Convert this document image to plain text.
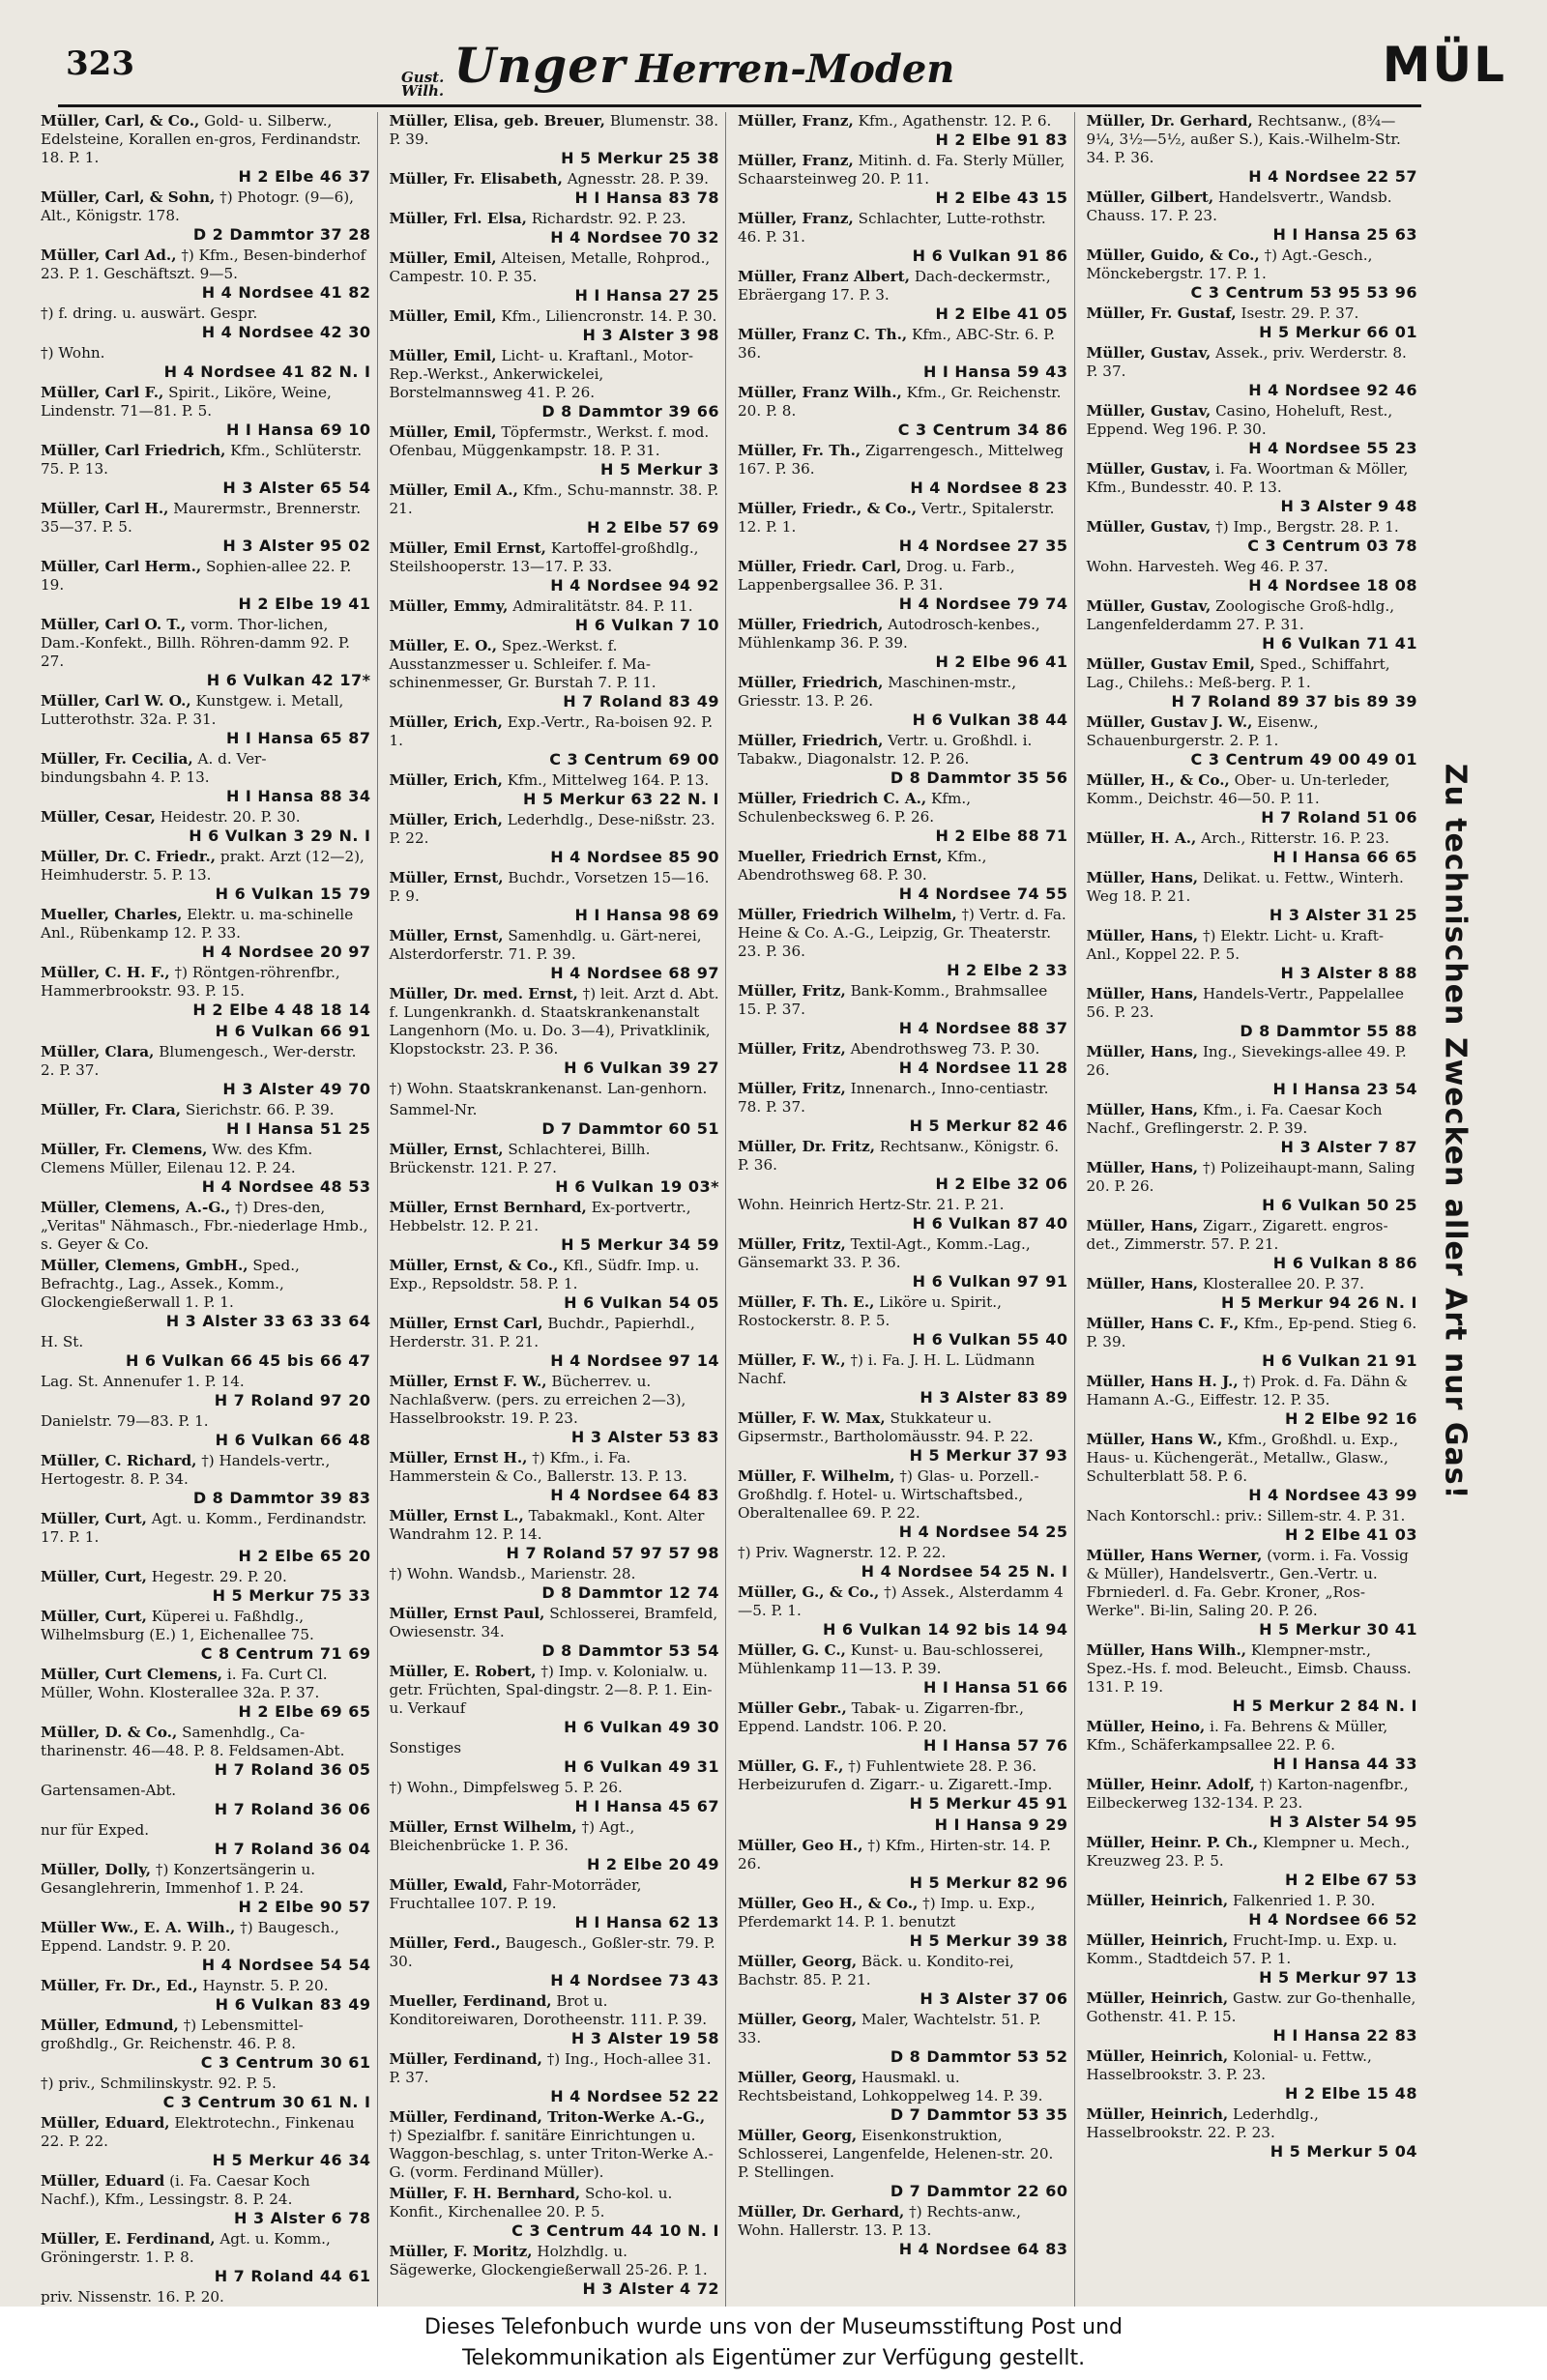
323	Gust.
Wilh. Unger Herren-Moden	MÜL
Müller, Carl, & Co., Gold- u. Silberw., Edelsteine, Korallen en-gros, Ferdinandstr. 18. P. 1.
H 2 Elbe 46 37
Müller, Carl, & Sohn, †) Photogr. (9—6), Alt., Königstr. 178.
D 2 Dammtor 37 28
Müller, Carl Ad., †) Kfm., Besen-binderhof 23. P. 1. Geschäftszt. 9—5.
H 4 Nordsee 41 82
†) f. dring. u. auswärt. Gespr.
H 4 Nordsee 42 30
†) Wohn.
H 4 Nordsee 41 82 N. I
Müller, Carl F., Spirit., Liköre, Weine, Lindenstr. 71—81. P. 5.
H I Hansa 69 10
Müller, Carl Friedrich, Kfm., Schlüterstr. 75. P. 13.
H 3 Alster 65 54
Müller, Carl H., Maurermstr., Brennerstr. 35—37. P. 5.
H 3 Alster 95 02
Müller, Carl Herm., Sophien-allee 22. P. 19.
H 2 Elbe 19 41
Müller, Carl O. T., vorm. Thor-lichen, Dam.-Konfekt., Billh. Röhren-damm 92. P. 27.
H 6 Vulkan 42 17*
Müller, Carl W. O., Kunstgew. i. Metall, Lutterothstr. 32a. P. 31.
H I Hansa 65 87
Müller, Fr. Cecilia, A. d. Ver-bindungsbahn 4. P. 13.
H I Hansa 88 34
Müller, Cesar, Heidestr. 20. P. 30.
H 6 Vulkan 3 29 N. I
Müller, Dr. C. Friedr., prakt. Arzt (12—2), Heimhuderstr. 5. P. 13.
H 6 Vulkan 15 79
Mueller, Charles, Elektr. u. ma-schinelle Anl., Rübenkamp 12. P. 33.
H 4 Nordsee 20 97
Müller, C. H. F., †) Röntgen-röhrenfbr., Hammerbrookstr. 93. P. 15.
H 2 Elbe 4 48 18 14
H 6 Vulkan 66 91
Müller, Clara, Blumengesch., Wer-derstr. 2. P. 37.
H 3 Alster 49 70
Müller, Fr. Clara, Sierichstr. 66. P. 39.
H I Hansa 51 25
Müller, Fr. Clemens, Ww. des Kfm. Clemens Müller, Eilenau 12. P. 24.
H 4 Nordsee 48 53
Müller, Clemens, A.-G., †) Dres-den, „Veritas" Nähmasch., Fbr.-niederlage Hmb., s. Geyer & Co.
Müller, Clemens, GmbH., Sped., Befrachtg., Lag., Assek., Komm., Glockengießerwall 1. P. 1.
H 3 Alster 33 63 33 64
H. St.
H 6 Vulkan 66 45 bis 66 47
Lag. St. Annenufer 1. P. 14.
H 7 Roland 97 20
Danielstr. 79—83. P. 1.
H 6 Vulkan 66 48
Müller, C. Richard, †) Handels-vertr., Hertogestr. 8. P. 34.
D 8 Dammtor 39 83
Müller, Curt, Agt. u. Komm., Ferdinandstr. 17. P. 1.
H 2 Elbe 65 20
Müller, Curt, Hegestr. 29. P. 20.
H 5 Merkur 75 33
Müller, Curt, Küperei u. Faßhdlg., Wilhelmsburg (E.) 1, Eichenallee 75.
C 8 Centrum 71 69
Müller, Curt Clemens, i. Fa. Curt Cl. Müller, Wohn. Klosterallee 32a. P. 37.
H 2 Elbe 69 65
Müller, D. & Co., Samenhdlg., Ca-tharinenstr. 46—48. P. 8. Feldsamen-Abt.
H 7 Roland 36 05
Gartensamen-Abt.
H 7 Roland 36 06
nur für Exped.
H 7 Roland 36 04
Müller, Dolly, †) Konzertsängerin u. Gesanglehrerin, Immenhof 1. P. 24.
H 2 Elbe 90 57
Müller Ww., E. A. Wilh., †) Baugesch., Eppend. Landstr. 9. P. 20.
H 4 Nordsee 54 54
Müller, Fr. Dr., Ed., Haynstr. 5. P. 20.
H 6 Vulkan 83 49
Müller, Edmund, †) Lebensmittel-großhdlg., Gr. Reichenstr. 46. P. 8.
C 3 Centrum 30 61
†) priv., Schmilinskystr. 92. P. 5.
C 3 Centrum 30 61 N. I
Müller, Eduard, Elektrotechn., Finkenau 22. P. 22.
H 5 Merkur 46 34
Müller, Eduard (i. Fa. Caesar Koch Nachf.), Kfm., Lessingstr. 8. P. 24.
H 3 Alster 6 78
Müller, E. Ferdinand, Agt. u. Komm., Gröningerstr. 1. P. 8.
H 7 Roland 44 61
priv. Nissenstr. 16. P. 20.
Müller, Elisa, geb. Breuer, Blumenstr. 38. P. 39.
H 5 Merkur 25 38
Müller, Fr. Elisabeth, Agnesstr. 28. P. 39.
H I Hansa 83 78
Müller, Frl. Elsa, Richardstr. 92. P. 23.
H 4 Nordsee 70 32
Müller, Emil, Alteisen, Metalle, Rohprod., Campestr. 10. P. 35.
H I Hansa 27 25
Müller, Emil, Kfm., Liliencronstr. 14. P. 30.
H 3 Alster 3 98
Müller, Emil, Licht- u. Kraftanl., Motor-Rep.-Werkst., Ankerwickelei, Borstelmannsweg 41. P. 26.
D 8 Dammtor 39 66
Müller, Emil, Töpfermstr., Werkst. f. mod. Ofenbau, Müggenkampstr. 18. P. 31.
H 5 Merkur 3
Müller, Emil A., Kfm., Schu-mannstr. 38. P. 21.
H 2 Elbe 57 69
Müller, Emil Ernst, Kartoffel-großhdlg., Steilshooperstr. 13—17. P. 33.
H 4 Nordsee 94 92
Müller, Emmy, Admiralitätstr. 84. P. 11.
H 6 Vulkan 7 10
Müller, E. O., Spez.-Werkst. f. Ausstanzmesser u. Schleifer. f. Ma-schinenmesser, Gr. Burstah 7. P. 11.
H 7 Roland 83 49
Müller, Erich, Exp.-Vertr., Ra-boisen 92. P. 1.
C 3 Centrum 69 00
Müller, Erich, Kfm., Mittelweg 164. P. 13.
H 5 Merkur 63 22 N. I
Müller, Erich, Lederhdlg., Dese-nißstr. 23. P. 22.
H 4 Nordsee 85 90
Müller, Ernst, Buchdr., Vorsetzen 15—16. P. 9.
H I Hansa 98 69
Müller, Ernst, Samenhdlg. u. Gärt-nerei, Alsterdorferstr. 71. P. 39.
H 4 Nordsee 68 97
Müller, Dr. med. Ernst, †) leit. Arzt d. Abt. f. Lungenkrankh. d. Staatskrankenanstalt Langenhorn (Mo. u. Do. 3—4), Privatklinik, Klopstockstr. 23. P. 36.
H 6 Vulkan 39 27
†) Wohn. Staatskrankenanst. Lan-genhorn.
Sammel-Nr.
D 7 Dammtor 60 51
Müller, Ernst, Schlachterei, Billh. Brückenstr. 121. P. 27.
H 6 Vulkan 19 03*
Müller, Ernst Bernhard, Ex-portvertr., Hebbelstr. 12. P. 21.
H 5 Merkur 34 59
Müller, Ernst, & Co., Kfl., Südfr. Imp. u. Exp., Repsoldstr. 58. P. 1.
H 6 Vulkan 54 05
Müller, Ernst Carl, Buchdr., Papierhdl., Herderstr. 31. P. 21.
H 4 Nordsee 97 14
Müller, Ernst F. W., Bücherrev. u. Nachlaßverw. (pers. zu erreichen 2—3), Hasselbrookstr. 19. P. 23.
H 3 Alster 53 83
Müller, Ernst H., †) Kfm., i. Fa. Hammerstein & Co., Ballerstr. 13. P. 13.
H 4 Nordsee 64 83
Müller, Ernst L., Tabakmakl., Kont. Alter Wandrahm 12. P. 14.
H 7 Roland 57 97 57 98
†) Wohn. Wandsb., Marienstr. 28.
D 8 Dammtor 12 74
Müller, Ernst Paul, Schlosserei, Bramfeld, Owiesenstr. 34.
D 8 Dammtor 53 54
Müller, E. Robert, †) Imp. v. Kolonialw. u. getr. Früchten, Spal-dingstr. 2—8. P. 1. Ein- u. Verkauf
H 6 Vulkan 49 30
Sonstiges
H 6 Vulkan 49 31
†) Wohn., Dimpfelsweg 5. P. 26.
H I Hansa 45 67
Müller, Ernst Wilhelm, †) Agt., Bleichenbrücke 1. P. 36.
H 2 Elbe 20 49
Müller, Ewald, Fahr-Motorräder, Fruchtallee 107. P. 19.
H I Hansa 62 13
Müller, Ferd., Baugesch., Goßler-str. 79. P. 30.
H 4 Nordsee 73 43
Mueller, Ferdinand, Brot u. Konditoreiwaren, Dorotheenstr. 111. P. 39.
H 3 Alster 19 58
Müller, Ferdinand, †) Ing., Hoch-allee 31. P. 37.
H 4 Nordsee 52 22
Müller, Ferdinand, Triton-Werke A.-G., †) Spezialfbr. f. sanitäre Einrichtungen u. Waggon-beschlag, s. unter Triton-Werke A.-G. (vorm. Ferdinand Müller).
Müller, F. H. Bernhard, Scho-kol. u. Konfit., Kirchenallee 20. P. 5.
C 3 Centrum 44 10 N. I
Müller, F. Moritz, Holzhdlg. u. Sägewerke, Glockengießerwall 25-26. P. 1.
H 3 Alster 4 72
Müller, Franz, Kfm., Agathenstr. 12. P. 6.
H 2 Elbe 91 83
Müller, Franz, Mitinh. d. Fa. Sterly Müller, Schaarsteinweg 20. P. 11.
H 2 Elbe 43 15
Müller, Franz, Schlachter, Lutte-rothstr. 46. P. 31.
H 6 Vulkan 91 86
Müller, Franz Albert, Dach-deckermstr., Ebräergang 17. P. 3.
H 2 Elbe 41 05
Müller, Franz C. Th., Kfm., ABC-Str. 6. P. 36.
H I Hansa 59 43
Müller, Franz Wilh., Kfm., Gr. Reichenstr. 20. P. 8.
C 3 Centrum 34 86
Müller, Fr. Th., Zigarrengesch., Mittelweg 167. P. 36.
H 4 Nordsee 8 23
Müller, Friedr., & Co., Vertr., Spitalerstr. 12. P. 1.
H 4 Nordsee 27 35
Müller, Friedr. Carl, Drog. u. Farb., Lappenbergsallee 36. P. 31.
H 4 Nordsee 79 74
Müller, Friedrich, Autodrosch-kenbes., Mühlenkamp 36. P. 39.
H 2 Elbe 96 41
Müller, Friedrich, Maschinen-mstr., Griesstr. 13. P. 26.
H 6 Vulkan 38 44
Müller, Friedrich, Vertr. u. Großhdl. i. Tabakw., Diagonalstr. 12. P. 26.
D 8 Dammtor 35 56
Müller, Friedrich C. A., Kfm., Schulenbecksweg 6. P. 26.
H 2 Elbe 88 71
Mueller, Friedrich Ernst, Kfm., Abendrothsweg 68. P. 30.
H 4 Nordsee 74 55
Müller, Friedrich Wilhelm, †) Vertr. d. Fa. Heine & Co. A.-G., Leipzig, Gr. Theaterstr. 23. P. 36.
H 2 Elbe 2 33
Müller, Fritz, Bank-Komm., Brahmsallee 15. P. 37.
H 4 Nordsee 88 37
Müller, Fritz, Abendrothsweg 73. P. 30.
H 4 Nordsee 11 28
Müller, Fritz, Innenarch., Inno-centiastr. 78. P. 37.
H 5 Merkur 82 46
Müller, Dr. Fritz, Rechtsanw., Königstr. 6. P. 36.
H 2 Elbe 32 06
Wohn. Heinrich Hertz-Str. 21. P. 21.
H 6 Vulkan 87 40
Müller, Fritz, Textil-Agt., Komm.-Lag., Gänsemarkt 33. P. 36.
H 6 Vulkan 97 91
Müller, F. Th. E., Liköre u. Spirit., Rostockerstr. 8. P. 5.
H 6 Vulkan 55 40
Müller, F. W., †) i. Fa. J. H. L. Lüdmann Nachf.
H 3 Alster 83 89
Müller, F. W. Max, Stukkateur u. Gipsermstr., Bartholomäusstr. 94. P. 22.
H 5 Merkur 37 93
Müller, F. Wilhelm, †) Glas- u. Porzell.-Großhdlg. f. Hotel- u. Wirtschaftsbed., Oberaltenallee 69. P. 22.
H 4 Nordsee 54 25
†) Priv. Wagnerstr. 12. P. 22.
H 4 Nordsee 54 25 N. I
Müller, G., & Co., †) Assek., Alsterdamm 4—5. P. 1.
H 6 Vulkan 14 92 bis 14 94
Müller, G. C., Kunst- u. Bau-schlosserei, Mühlenkamp 11—13. P. 39.
H I Hansa 51 66
Müller Gebr., Tabak- u. Zigarren-fbr., Eppend. Landstr. 106. P. 20.
H I Hansa 57 76
Müller, G. F., †) Fuhlentwiete 28. P. 36. Herbeizurufen d. Zigarr.- u. Zigarett.-Imp.
H 5 Merkur 45 91
H I Hansa 9 29
Müller, Geo H., †) Kfm., Hirten-str. 14. P. 26.
H 5 Merkur 82 96
Müller, Geo H., & Co., †) Imp. u. Exp., Pferdemarkt 14. P. 1. benutzt
H 5 Merkur 39 38
Müller, Georg, Bäck. u. Kondito-rei, Bachstr. 85. P. 21.
H 3 Alster 37 06
Müller, Georg, Maler, Wachtelstr. 51. P. 33.
D 8 Dammtor 53 52
Müller, Georg, Hausmakl. u. Rechtsbeistand, Lohkoppelweg 14. P. 39.
D 7 Dammtor 53 35
Müller, Georg, Eisenkonstruktion, Schlosserei, Langenfelde, Helenen-str. 20. P. Stellingen.
D 7 Dammtor 22 60
Müller, Dr. Gerhard, †) Rechts-anw., Wohn. Hallerstr. 13. P. 13.
H 4 Nordsee 64 83
Müller, Dr. Gerhard, Rechtsanw., (8¾—9¼, 3½—5½, außer S.), Kais.-Wilhelm-Str. 34. P. 36.
H 4 Nordsee 22 57
Müller, Gilbert, Handelsvertr., Wandsb. Chauss. 17. P. 23.
H I Hansa 25 63
Müller, Guido, & Co., †) Agt.-Gesch., Mönckebergstr. 17. P. 1.
C 3 Centrum 53 95 53 96
Müller, Fr. Gustaf, Isestr. 29. P. 37.
H 5 Merkur 66 01
Müller, Gustav, Assek., priv. Werderstr. 8. P. 37.
H 4 Nordsee 92 46
Müller, Gustav, Casino, Hoheluft, Rest., Eppend. Weg 196. P. 30.
H 4 Nordsee 55 23
Müller, Gustav, i. Fa. Woortman & Möller, Kfm., Bundesstr. 40. P. 13.
H 3 Alster 9 48
Müller, Gustav, †) Imp., Bergstr. 28. P. 1.
C 3 Centrum 03 78
Wohn. Harvesteh. Weg 46. P. 37.
H 4 Nordsee 18 08
Müller, Gustav, Zoologische Groß-hdlg., Langenfelderdamm 27. P. 31.
H 6 Vulkan 71 41
Müller, Gustav Emil, Sped., Schiffahrt, Lag., Chilehs.: Meß-berg. P. 1.
H 7 Roland 89 37 bis 89 39
Müller, Gustav J. W., Eisenw., Schauenburgerstr. 2. P. 1.
C 3 Centrum 49 00 49 01
Müller, H., & Co., Ober- u. Un-terleder, Komm., Deichstr. 46—50. P. 11.
H 7 Roland 51 06
Müller, H. A., Arch., Ritterstr. 16. P. 23.
H I Hansa 66 65
Müller, Hans, Delikat. u. Fettw., Winterh. Weg 18. P. 21.
H 3 Alster 31 25
Müller, Hans, †) Elektr. Licht- u. Kraft-Anl., Koppel 22. P. 5.
H 3 Alster 8 88
Müller, Hans, Handels-Vertr., Pappelallee 56. P. 23.
D 8 Dammtor 55 88
Müller, Hans, Ing., Sievekings-allee 49. P. 26.
H I Hansa 23 54
Müller, Hans, Kfm., i. Fa. Caesar Koch Nachf., Greflingerstr. 2. P. 39.
H 3 Alster 7 87
Müller, Hans, †) Polizeihaupt-mann, Saling 20. P. 26.
H 6 Vulkan 50 25
Müller, Hans, Zigarr., Zigarett. engros-det., Zimmerstr. 57. P. 21.
H 6 Vulkan 8 86
Müller, Hans, Klosterallee 20. P. 37.
H 5 Merkur 94 26 N. I
Müller, Hans C. F., Kfm., Ep-pend. Stieg 6. P. 39.
H 6 Vulkan 21 91
Müller, Hans H. J., †) Prok. d. Fa. Dähn & Hamann A.-G., Eiffestr. 12. P. 35.
H 2 Elbe 92 16
Müller, Hans W., Kfm., Großhdl. u. Exp., Haus- u. Küchengerät., Metallw., Glasw., Schulterblatt 58. P. 6.
H 4 Nordsee 43 99
Nach Kontorschl.: priv.: Sillem-str. 4. P. 31.
H 2 Elbe 41 03
Müller, Hans Werner, (vorm. i. Fa. Vossig & Müller), Handelsvertr., Gen.-Vertr. u. Fbrniederl. d. Fa. Gebr. Kroner, „Ros-Werke". Bi-lin, Saling 20. P. 26.
H 5 Merkur 30 41
Müller, Hans Wilh., Klempner-mstr., Spez.-Hs. f. mod. Beleucht., Eimsb. Chauss. 131. P. 19.
H 5 Merkur 2 84 N. I
Müller, Heino, i. Fa. Behrens & Müller, Kfm., Schäferkampsallee 22. P. 6.
H I Hansa 44 33
Müller, Heinr. Adolf, †) Karton-nagenfbr., Eilbeckerweg 132-134. P. 23.
H 3 Alster 54 95
Müller, Heinr. P. Ch., Klempner u. Mech., Kreuzweg 23. P. 5.
H 2 Elbe 67 53
Müller, Heinrich, Falkenried 1. P. 30.
H 4 Nordsee 66 52
Müller, Heinrich, Frucht-Imp. u. Exp. u. Komm., Stadtdeich 57. P. 1.
H 5 Merkur 97 13
Müller, Heinrich, Gastw. zur Go-thenhalle, Gothenstr. 41. P. 15.
H I Hansa 22 83
Müller, Heinrich, Kolonial- u. Fettw., Hasselbrookstr. 3. P. 23.
H 2 Elbe 15 48
Müller, Heinrich, Lederhdlg., Hasselbrookstr. 22. P. 23.
H 5 Merkur 5 04
Zu technischen Zwecken aller Art nur Gas!
Dieses Telefonbuch wurde uns von der Museumsstiftung Post und
Telekommunikation als Eigentümer zur Verfügung gestellt.
